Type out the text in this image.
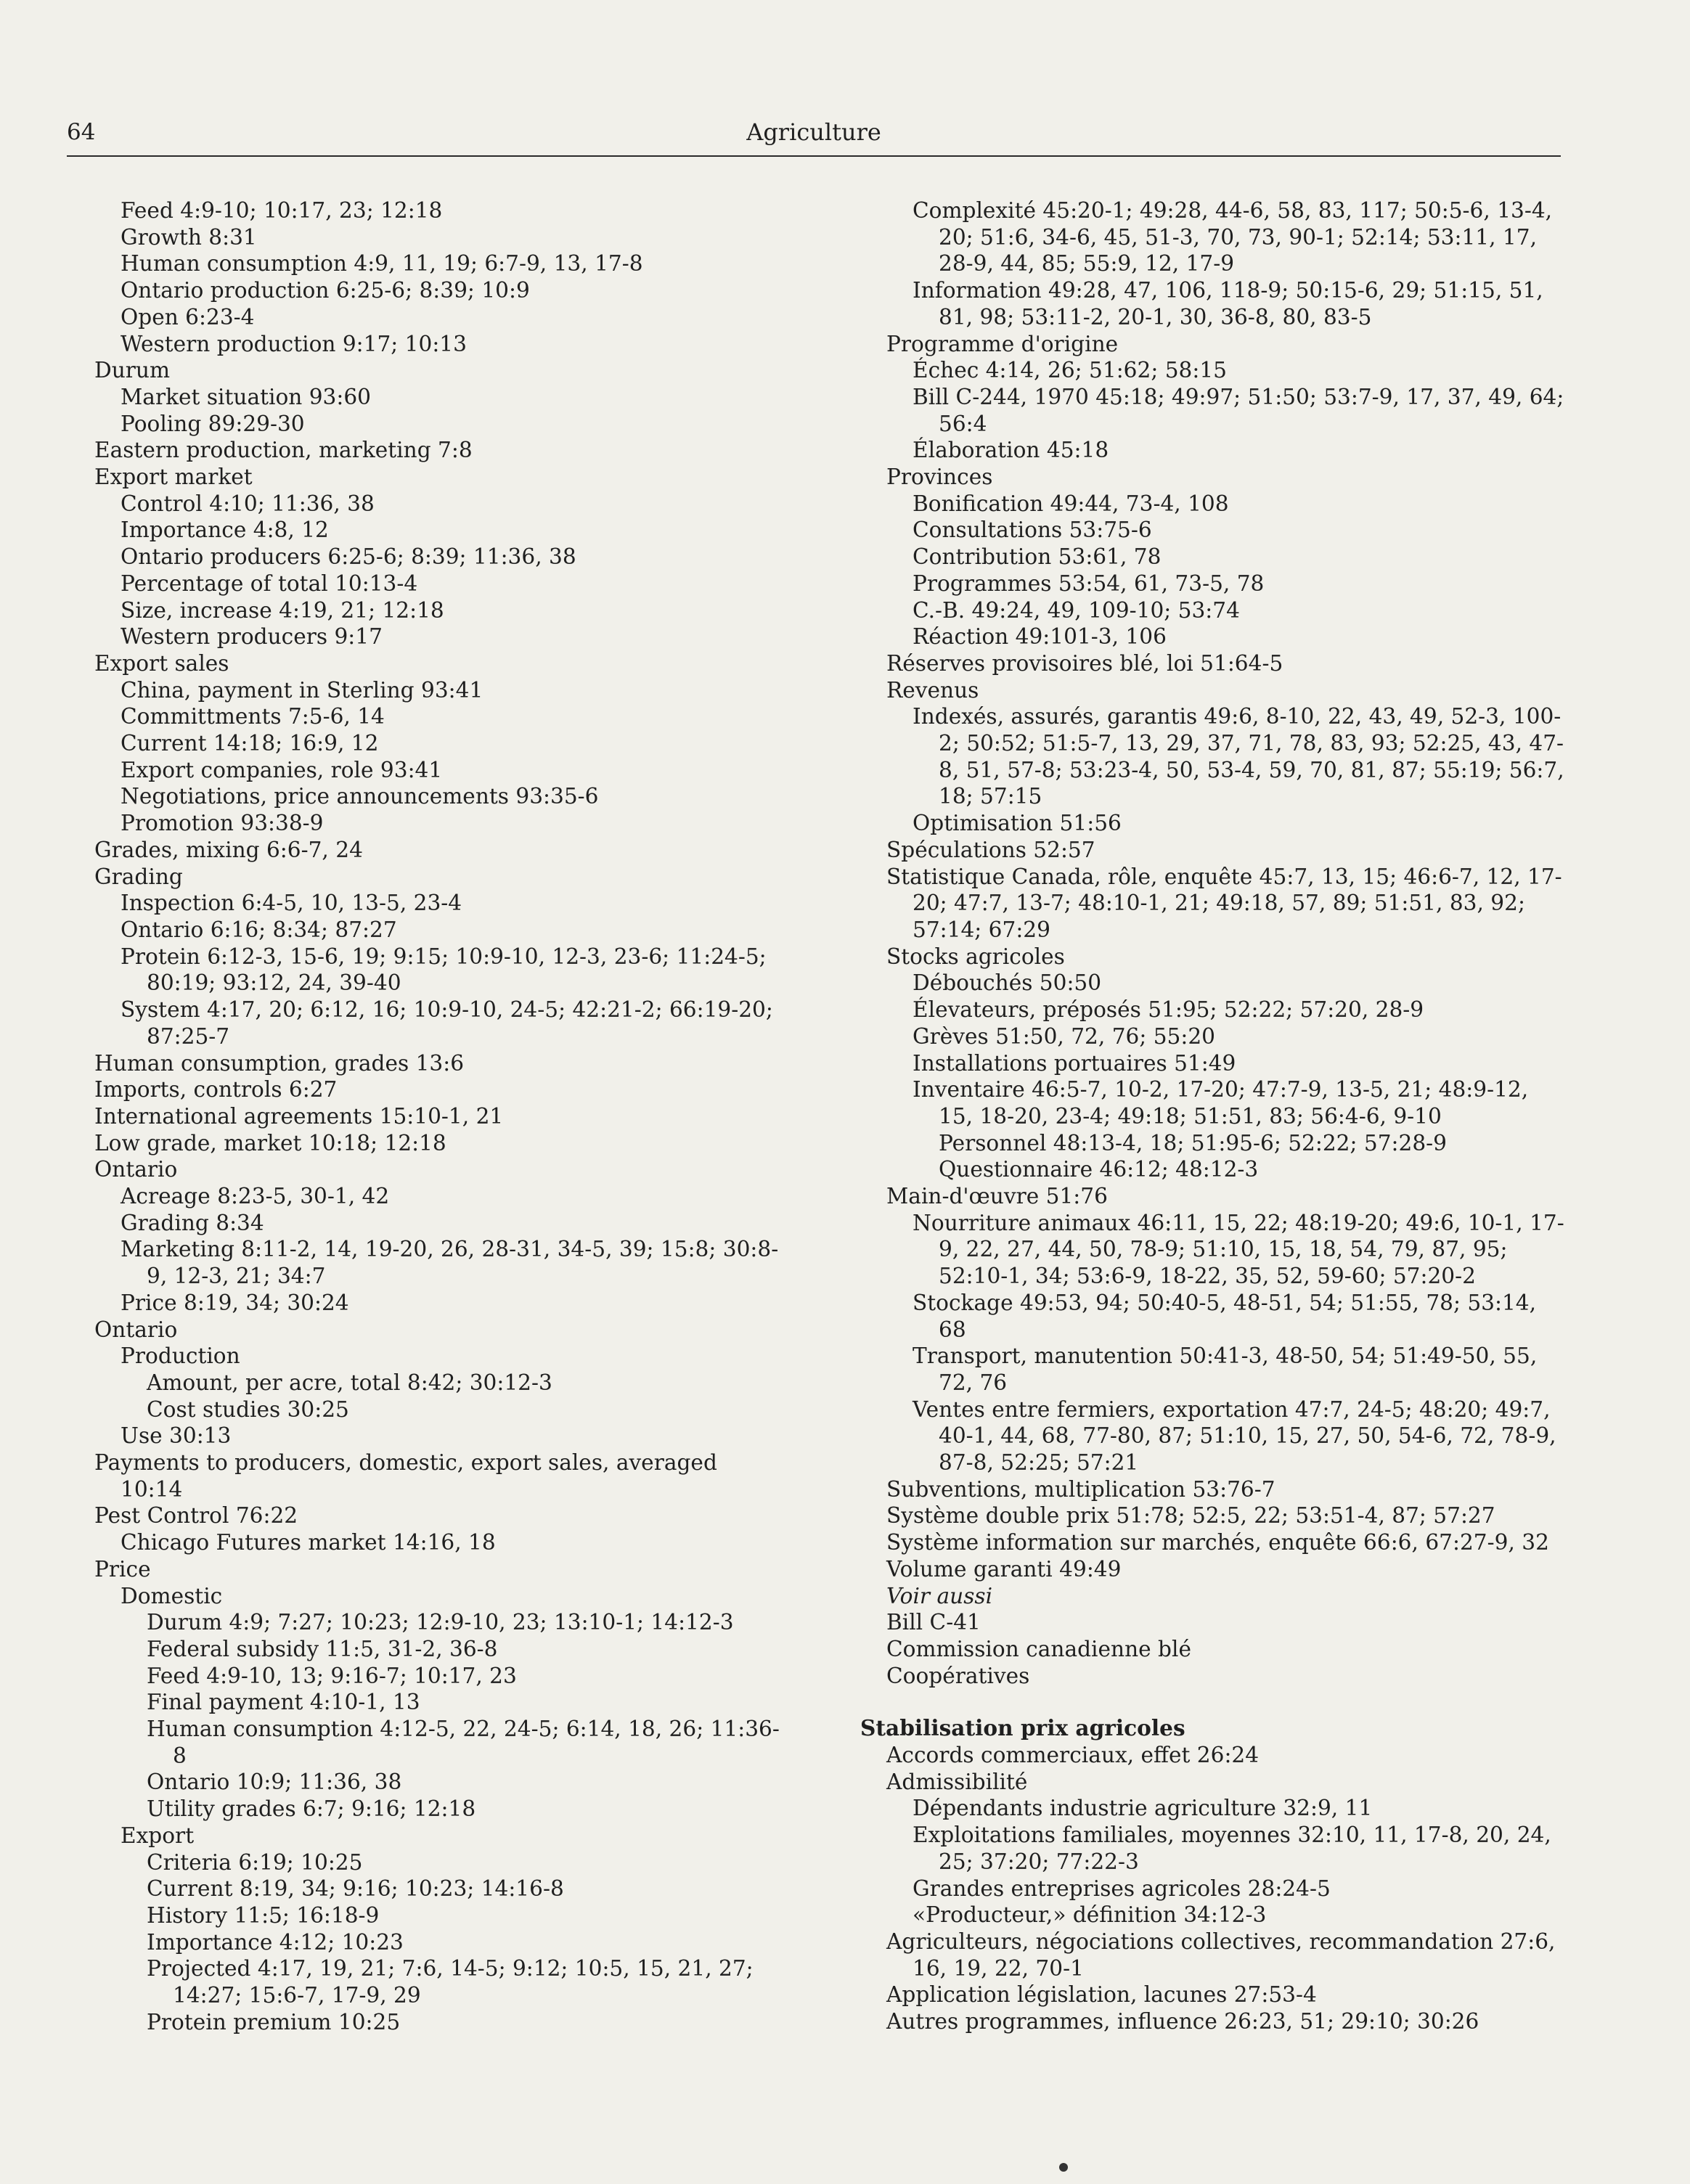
64	Agriculture
Feed 4:9-10; 10:17, 23; 12:18
Growth 8:31
Human consumption 4:9, 11, 19; 6:7-9, 13, 17-8
Ontario production 6:25-6; 8:39; 10:9
Open 6:23-4
Western production 9:17; 10:13
Durum
Market situation 93:60
Pooling 89:29-30
Eastern production, marketing 7:8
Export market
Control 4:10; 11:36, 38
Importance 4:8, 12
Ontario producers 6:25-6; 8:39; 11:36, 38
Percentage of total 10:13-4
Size, increase 4:19, 21; 12:18
Western producers 9:17
Export sales
China, payment in Sterling 93:41
Committments 7:5-6, 14
Current 14:18; 16:9, 12
Export companies, role 93:41
Negotiations, price announcements 93:35-6
Promotion 93:38-9
Grades, mixing 6:6-7, 24
Grading
Inspection 6:4-5, 10, 13-5, 23-4
Ontario 6:16; 8:34; 87:27
Protein 6:12-3, 15-6, 19; 9:15; 10:9-10, 12-3, 23-6; 11:24-5; 80:19; 93:12, 24, 39-40
System 4:17, 20; 6:12, 16; 10:9-10, 24-5; 42:21-2; 66:19-20; 87:25-7
Human consumption, grades 13:6
Imports, controls 6:27
International agreements 15:10-1, 21
Low grade, market 10:18; 12:18
Ontario
Acreage 8:23-5, 30-1, 42
Grading 8:34
Marketing 8:11-2, 14, 19-20, 26, 28-31, 34-5, 39; 15:8; 30:8-9, 12-3, 21; 34:7
Price 8:19, 34; 30:24
Ontario
Production
Amount, per acre, total 8:42; 30:12-3
Cost studies 30:25
Use 30:13
Payments to producers, domestic, export sales, averaged 10:14
Pest Control 76:22
Chicago Futures market 14:16, 18
Price
Domestic
Durum 4:9; 7:27; 10:23; 12:9-10, 23; 13:10-1; 14:12-3
Federal subsidy 11:5, 31-2, 36-8
Feed 4:9-10, 13; 9:16-7; 10:17, 23
Final payment 4:10-1, 13
Human consumption 4:12-5, 22, 24-5; 6:14, 18, 26; 11:36-8
Ontario 10:9; 11:36, 38
Utility grades 6:7; 9:16; 12:18
Export
Criteria 6:19; 10:25
Current 8:19, 34; 9:16; 10:23; 14:16-8
History 11:5; 16:18-9
Importance 4:12; 10:23
Projected 4:17, 19, 21; 7:6, 14-5; 9:12; 10:5, 15, 21, 27; 14:27; 15:6-7, 17-9, 29
Protein premium 10:25
Complexité 45:20-1; 49:28, 44-6, 58, 83, 117; 50:5-6, 13-4, 20; 51:6, 34-6, 45, 51-3, 70, 73, 90-1; 52:14; 53:11, 17, 28-9, 44, 85; 55:9, 12, 17-9
Information 49:28, 47, 106, 118-9; 50:15-6, 29; 51:15, 51, 81, 98; 53:11-2, 20-1, 30, 36-8, 80, 83-5
Programme d'origine
Échec 4:14, 26; 51:62; 58:15
Bill C-244, 1970 45:18; 49:97; 51:50; 53:7-9, 17, 37, 49, 64; 56:4
Élaboration 45:18
Provinces
Bonification 49:44, 73-4, 108
Consultations 53:75-6
Contribution 53:61, 78
Programmes 53:54, 61, 73-5, 78
C.-B. 49:24, 49, 109-10; 53:74
Réaction 49:101-3, 106
Réserves provisoires blé, loi 51:64-5
Revenus
Indexés, assurés, garantis 49:6, 8-10, 22, 43, 49, 52-3, 100-2; 50:52; 51:5-7, 13, 29, 37, 71, 78, 83, 93; 52:25, 43, 47-8, 51, 57-8; 53:23-4, 50, 53-4, 59, 70, 81, 87; 55:19; 56:7, 18; 57:15
Optimisation 51:56
Spéculations 52:57
Statistique Canada, rôle, enquête 45:7, 13, 15; 46:6-7, 12, 17-20; 47:7, 13-7; 48:10-1, 21; 49:18, 57, 89; 51:51, 83, 92; 57:14; 67:29
Stocks agricoles
Débouchés 50:50
Élevateurs, préposés 51:95; 52:22; 57:20, 28-9
Grèves 51:50, 72, 76; 55:20
Installations portuaires 51:49
Inventaire 46:5-7, 10-2, 17-20; 47:7-9, 13-5, 21; 48:9-12, 15, 18-20, 23-4; 49:18; 51:51, 83; 56:4-6, 9-10
Personnel 48:13-4, 18; 51:95-6; 52:22; 57:28-9
Questionnaire 46:12; 48:12-3
Main-d'œuvre 51:76
Nourriture animaux 46:11, 15, 22; 48:19-20; 49:6, 10-1, 17-9, 22, 27, 44, 50, 78-9; 51:10, 15, 18, 54, 79, 87, 95; 52:10-1, 34; 53:6-9, 18-22, 35, 52, 59-60; 57:20-2
Stockage 49:53, 94; 50:40-5, 48-51, 54; 51:55, 78; 53:14, 68
Transport, manutention 50:41-3, 48-50, 54; 51:49-50, 55, 72, 76
Ventes entre fermiers, exportation 47:7, 24-5; 48:20; 49:7, 40-1, 44, 68, 77-80, 87; 51:10, 15, 27, 50, 54-6, 72, 78-9, 87-8, 52:25; 57:21
Subventions, multiplication 53:76-7
Système double prix 51:78; 52:5, 22; 53:51-4, 87; 57:27
Système information sur marchés, enquête 66:6, 67:27-9, 32
Volume garanti 49:49
Voir aussi
Bill C-41
Commission canadienne blé
Coopératives
Stabilisation prix agricoles
Accords commerciaux, effet 26:24
Admissibilité
Dépendants industrie agriculture 32:9, 11
Exploitations familiales, moyennes 32:10, 11, 17-8, 20, 24, 25; 37:20; 77:22-3
Grandes entreprises agricoles 28:24-5
«Producteur,» définition 34:12-3
Agriculteurs, négociations collectives, recommandation 27:6, 16, 19, 22, 70-1
Application législation, lacunes 27:53-4
Autres programmes, influence 26:23, 51; 29:10; 30:26
